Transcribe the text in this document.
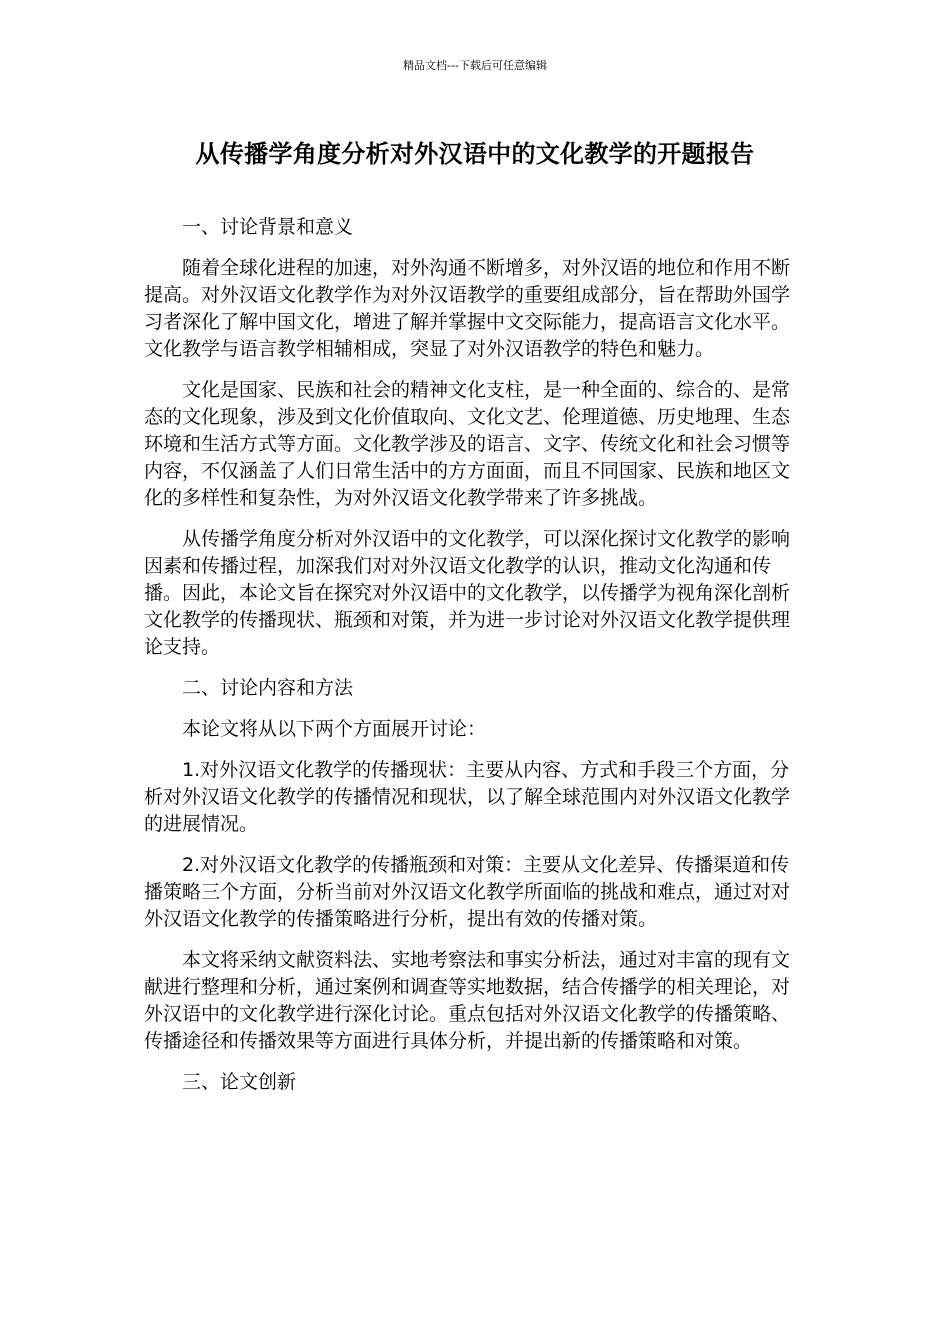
精品文档---下载后可任意编辑
从传播学角度分析对外汉语中的文化教学的开题报告
一、讨论背景和意义
随着全球化进程的加速，对外沟通不断增多，对外汉语的地位和作用不断提高。对外汉语文化教学作为对外汉语教学的重要组成部分，旨在帮助外国学习者深化了解中国文化，增进了解并掌握中文交际能力，提高语言文化水平。文化教学与语言教学相辅相成，突显了对外汉语教学的特色和魅力。
文化是国家、民族和社会的精神文化支柱，是一种全面的、综合的、是常态的文化现象，涉及到文化价值取向、文化文艺、伦理道德、历史地理、生态环境和生活方式等方面。文化教学涉及的语言、文字、传统文化和社会习惯等内容，不仅涵盖了人们日常生活中的方方面面，而且不同国家、民族和地区文化的多样性和复杂性，为对外汉语文化教学带来了许多挑战。
从传播学角度分析对外汉语中的文化教学，可以深化探讨文化教学的影响因素和传播过程，加深我们对对外汉语文化教学的认识，推动文化沟通和传播。因此，本论文旨在探究对外汉语中的文化教学，以传播学为视角深化剖析文化教学的传播现状、瓶颈和对策，并为进一步讨论对外汉语文化教学提供理论支持。
二、讨论内容和方法
本论文将从以下两个方面展开讨论：
1.对外汉语文化教学的传播现状：主要从内容、方式和手段三个方面，分析对外汉语文化教学的传播情况和现状，以了解全球范围内对外汉语文化教学的进展情况。
2.对外汉语文化教学的传播瓶颈和对策：主要从文化差异、传播渠道和传播策略三个方面，分析当前对外汉语文化教学所面临的挑战和难点，通过对对外汉语文化教学的传播策略进行分析，提出有效的传播对策。
本文将采纳文献资料法、实地考察法和事实分析法，通过对丰富的现有文献进行整理和分析，通过案例和调查等实地数据，结合传播学的相关理论，对外汉语中的文化教学进行深化讨论。重点包括对外汉语文化教学的传播策略、传播途径和传播效果等方面进行具体分析，并提出新的传播策略和对策。
三、论文创新
